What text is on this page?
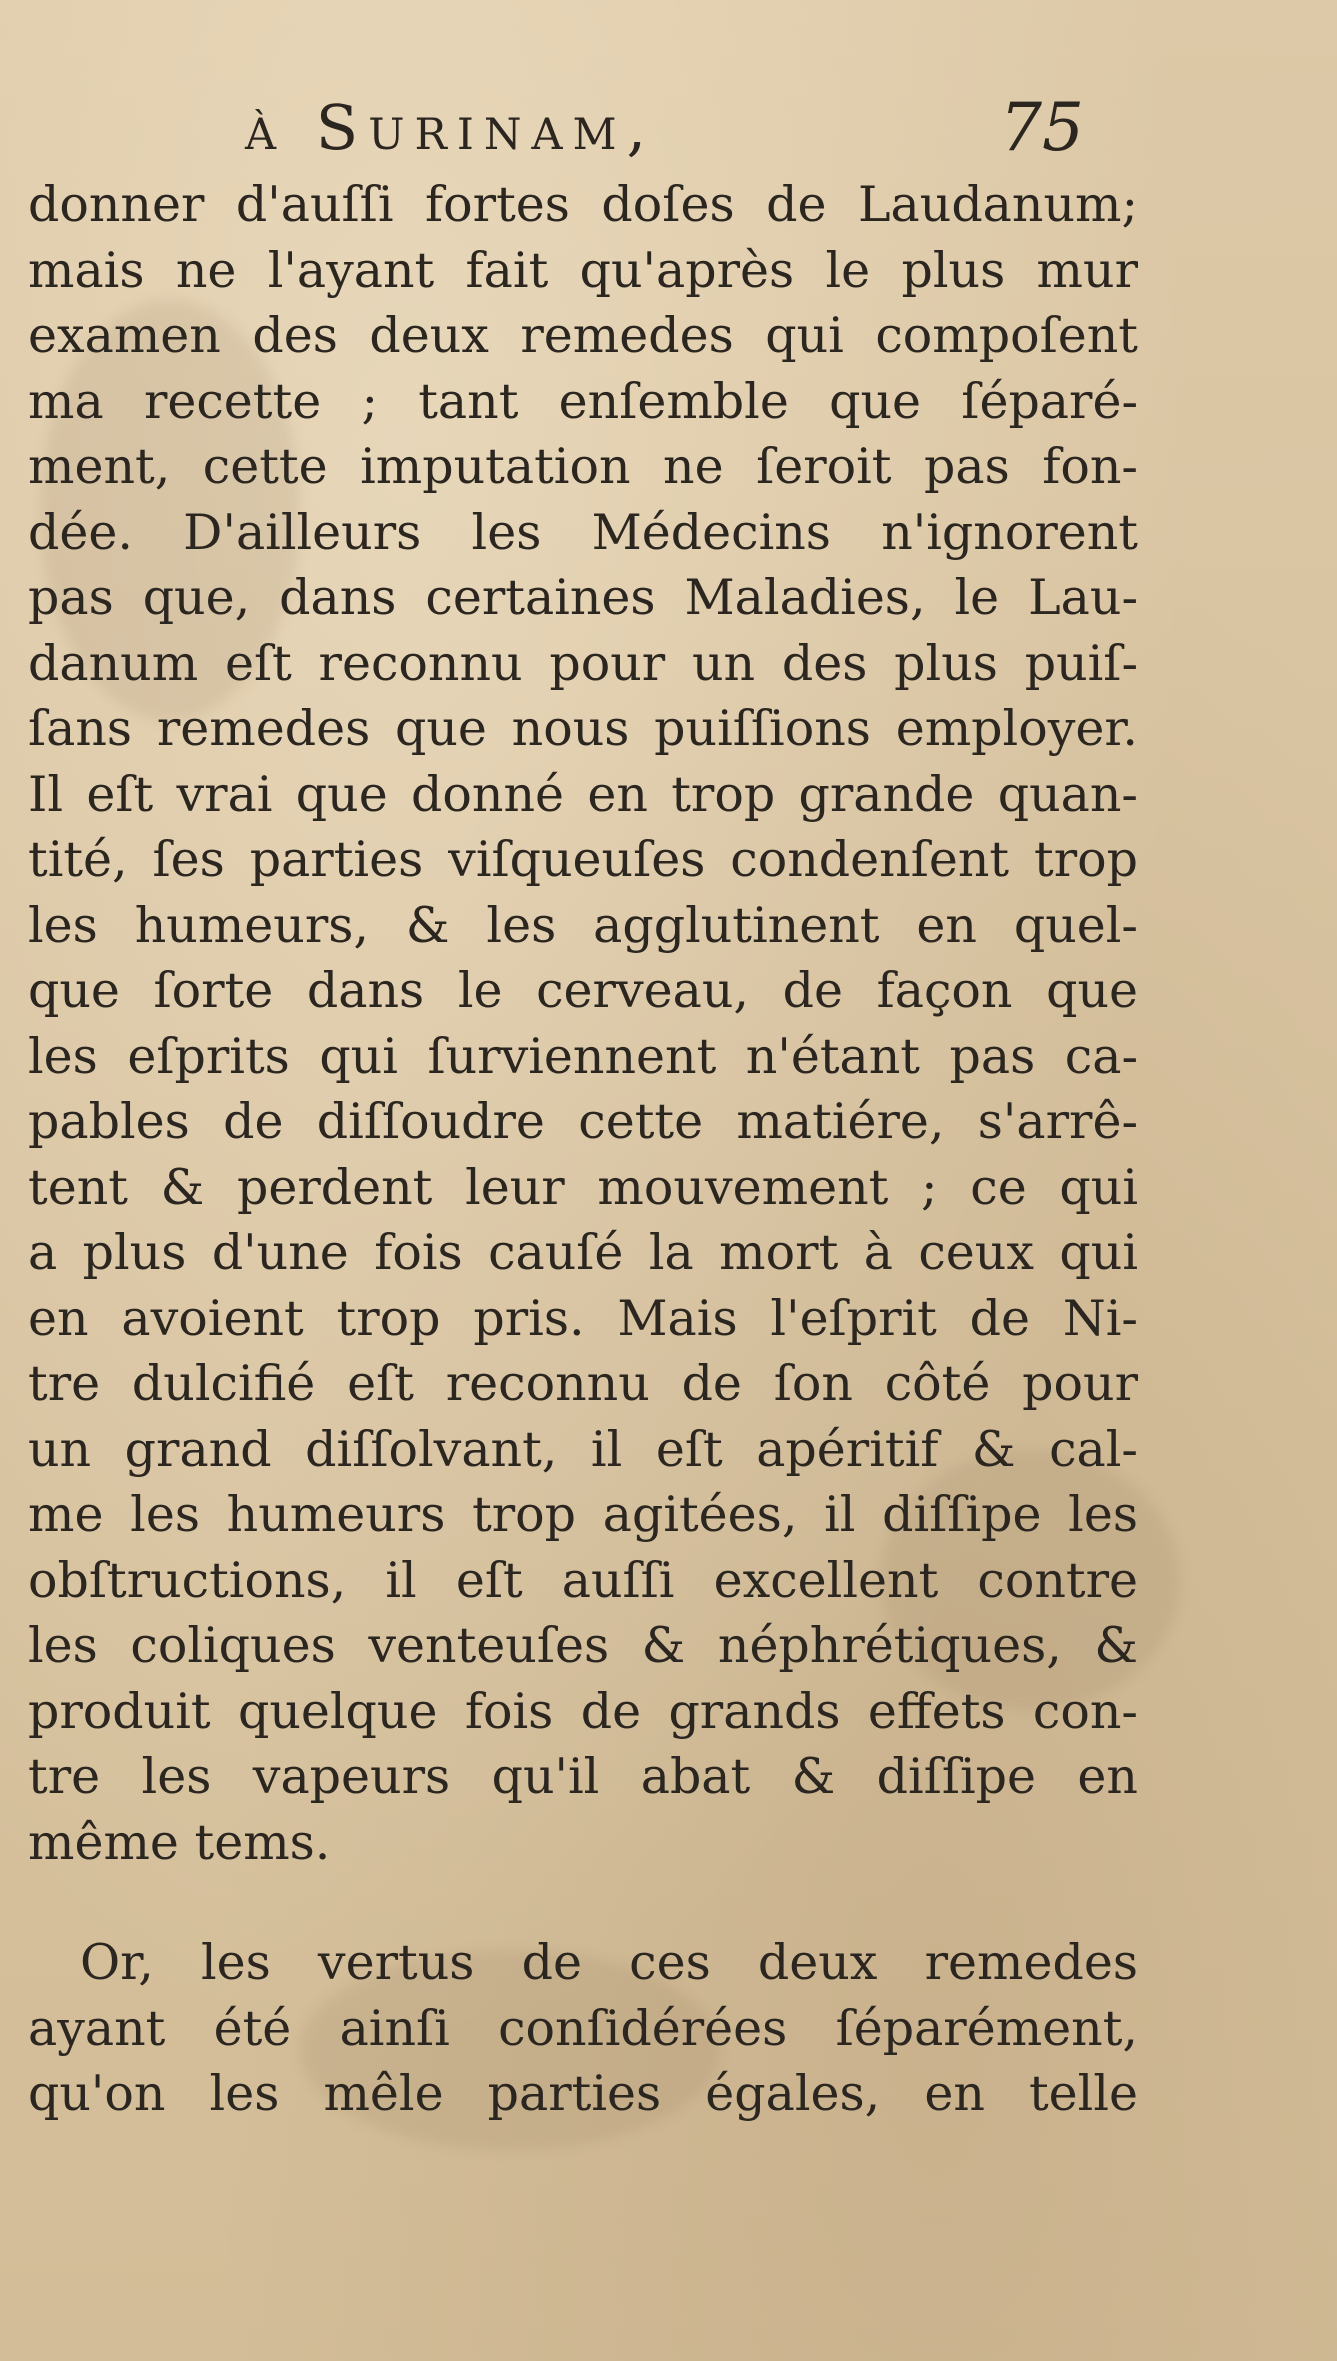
à Surinam,	75
donner d'auſſi fortes doſes de Laudanum;
mais ne l'ayant fait qu'après le plus mur
examen des deux remedes qui compoſent
ma recette ; tant enſemble que ſéparé-
ment, cette imputation ne ſeroit pas fon-
dée. D'ailleurs les Médecins n'ignorent
pas que, dans certaines Maladies, le Lau-
danum eſt reconnu pour un des plus puiſ-
ſans remedes que nous puiſſions employer.
Il eſt vrai que donné en trop grande quan-
tité, ſes parties viſqueuſes condenſent trop
les humeurs, & les agglutinent en quel-
que ſorte dans le cerveau, de façon que
les eſprits qui ſurviennent n'étant pas ca-
pables de diſſoudre cette matiére, s'arrê-
tent & perdent leur mouvement ; ce qui
a plus d'une fois cauſé la mort à ceux qui
en avoient trop pris. Mais l'eſprit de Ni-
tre dulcifié eſt reconnu de ſon côté pour
un grand diſſolvant, il eſt apéritif & cal-
me les humeurs trop agitées, il diſſipe les
obſtructions, il eſt auſſi excellent contre
les coliques venteuſes & néphrétiques, &
produit quelque fois de grands effets con-
tre les vapeurs qu'il abat & diſſipe en
même tems.
Or, les vertus de ces deux remedes
ayant été ainſi conſidérées ſéparément,
qu'on les mêle parties égales, en telle
